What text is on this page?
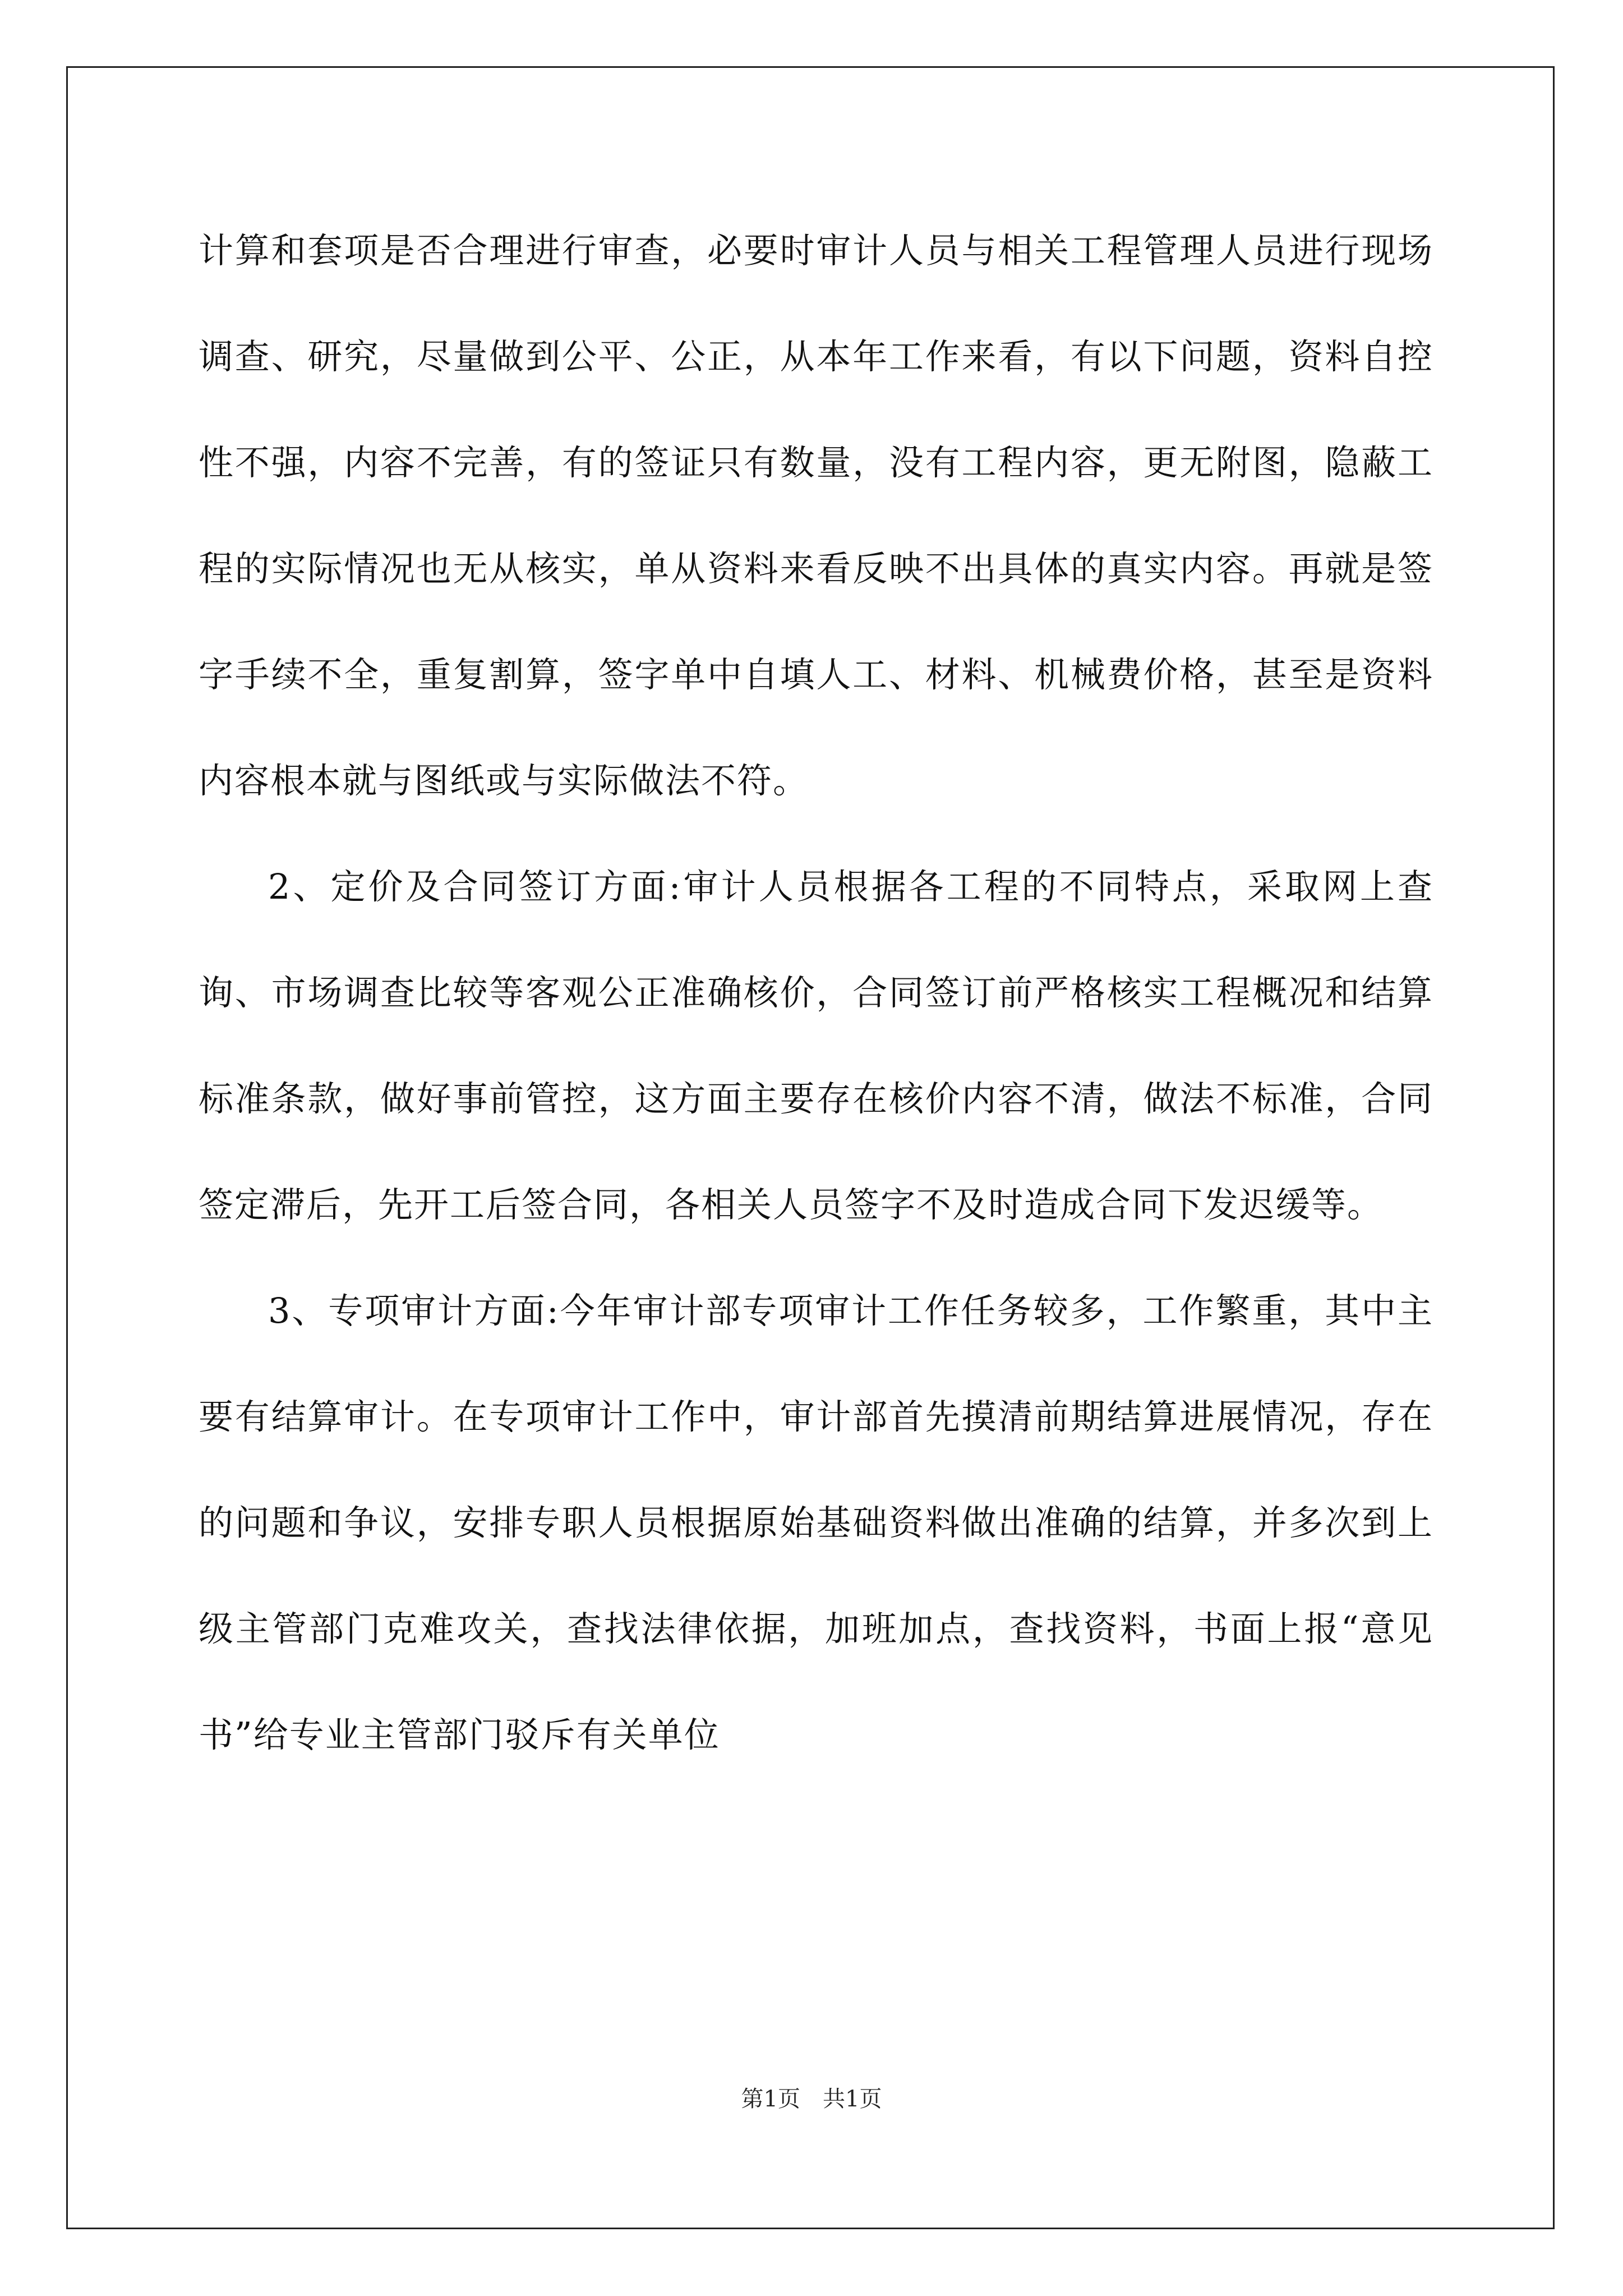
计算和套项是否合理进行审查，必要时审计人员与相关工程管理人员进行现场调查、研究，尽量做到公平、公正，从本年工作来看，有以下问题，资料自控性不强，内容不完善，有的签证只有数量，没有工程内容，更无附图，隐蔽工程的实际情况也无从核实，单从资料来看反映不出具体的真实内容。再就是签字手续不全，重复割算，签字单中自填人工、材料、机械费价格，甚至是资料内容根本就与图纸或与实际做法不符。

2、定价及合同签订方面:审计人员根据各工程的不同特点，采取网上查询、市场调查比较等客观公正准确核价，合同签订前严格核实工程概况和结算标准条款，做好事前管控，这方面主要存在核价内容不清，做法不标准，合同签定滞后，先开工后签合同，各相关人员签字不及时造成合同下发迟缓等。

3、专项审计方面:今年审计部专项审计工作任务较多，工作繁重，其中主要有结算审计。在专项审计工作中，审计部首先摸清前期结算进展情况，存在的问题和争议，安排专职人员根据原始基础资料做出准确的结算，并多次到上级主管部门克难攻关，查找法律依据，加班加点，查找资料，书面上报“意见书”给专业主管部门驳斥有关单位

第1页 共1页
